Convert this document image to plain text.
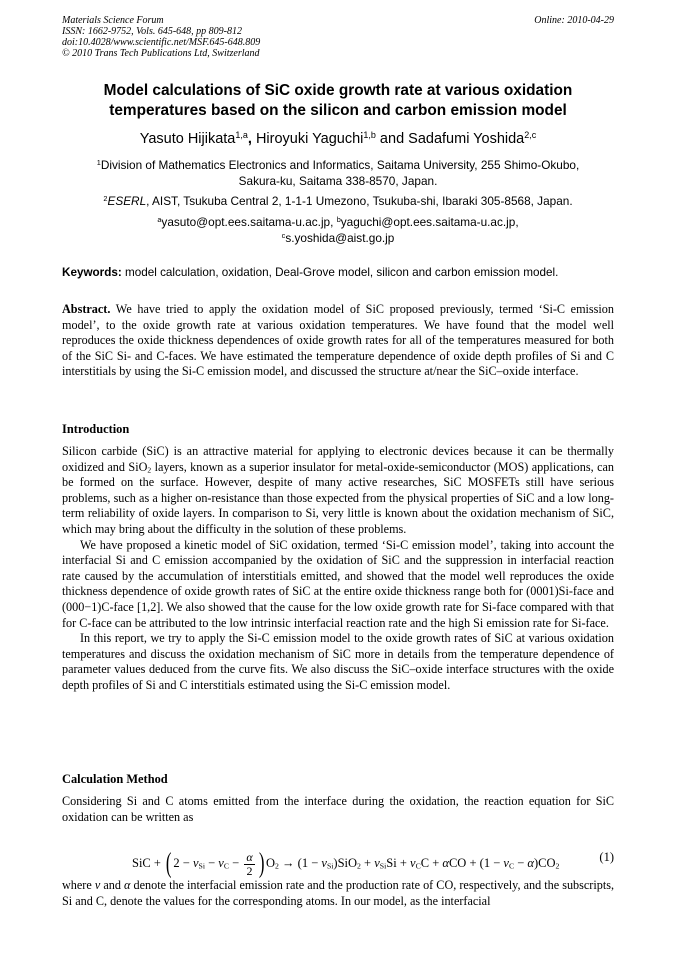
Materials Science Forum
ISSN: 1662-9752, Vols. 645-648, pp 809-812
doi:10.4028/www.scientific.net/MSF.645-648.809
© 2010 Trans Tech Publications Ltd, Switzerland
Online: 2010-04-29
Model calculations of SiC oxide growth rate at various oxidation
temperatures based on the silicon and carbon emission model
Yasuto Hijikata$^{1,a}$, Hiroyuki Yaguchi$^{1,b}$ and Sadafumi Yoshida$^{2,c}$
$^1$Division of Mathematics Electronics and Informatics, Saitama University, 255 Shimo-Okubo,
Sakura-ku, Saitama 338-8570, Japan.
$^2$ESERL, AIST, Tsukuba Central 2, 1-1-1 Umezono, Tsukuba-shi, Ibaraki 305-8568, Japan.
$^a$yasuto@opt.ees.saitama-u.ac.jp, $^b$yaguchi@opt.ees.saitama-u.ac.jp,
$^c$s.yoshida@aist.go.jp
Keywords: model calculation, oxidation, Deal-Grove model, silicon and carbon emission model.
Abstract. We have tried to apply the oxidation model of SiC proposed previously, termed ‘Si-C emission model’, to the oxide growth rate at various oxidation temperatures. We have found that the model well reproduces the oxide thickness dependences of oxide growth rates for all of the temperatures measured for both of the SiC Si- and C-faces. We have estimated the temperature dependence of oxide depth profiles of Si and C interstitials by using the Si-C emission model, and discussed the structure at/near the SiC–oxide interface.
Introduction

Silicon carbide (SiC) is an attractive material for applying to electronic devices because it can be thermally oxidized and SiO$_2$ layers, known as a superior insulator for metal-oxide-semiconductor (MOS) applications, can be formed on the surface. However, despite of many active researches, SiC MOSFETs still have serious problems, such as a higher on-resistance than those expected from the physical properties of SiC and a low long-term reliability of oxide layers. In comparison to Si, very little is known about the oxidation mechanism of SiC, which may bring about the difficulty in the solution of these problems.

We have proposed a kinetic model of SiC oxidation, termed ‘Si-C emission model’, taking into account the interfacial Si and C emission accompanied by the oxidation of SiC and the suppression in interfacial reaction rate caused by the accumulation of interstitials emitted, and showed that the model well reproduces the oxide thickness dependence of oxide growth rates of SiC at the entire oxide thickness range both for (0001)Si-face and (000−1)C-face [1,2]. We also showed that the cause for the low oxide growth rate for Si-face compared with that for C-face can be attributed to the low intrinsic interfacial reaction rate and the high Si emission rate for Si-face.

In this report, we try to apply the Si-C emission model to the oxide growth rates of SiC at various oxidation temperatures and discuss the oxidation mechanism of SiC more in details from the temperature dependence of parameter values deduced from the curve fits. We also discuss the SiC–oxide interface structures with the oxide depth profiles of Si and C interstitials estimated using the Si-C emission model.

Calculation Method
Considering Si and C atoms emitted from the interface during the oxidation, the reaction equation for SiC oxidation can be written as
SiC + ( $2 - \nu_{Si} - \nu_C - \frac{\alpha}{2}$ ) $O_2 \to (1 - \nu_{Si})SiO_2 + \nu_{Si}Si + \nu_CC + \alpha CO + (1 - \nu_C - \alpha)CO_2$
(1)
where ν and α denote the interfacial emission rate and the production rate of CO, respectively, and the subscripts, Si and C, denote the values for the corresponding atoms. In our model, as the interfacial
